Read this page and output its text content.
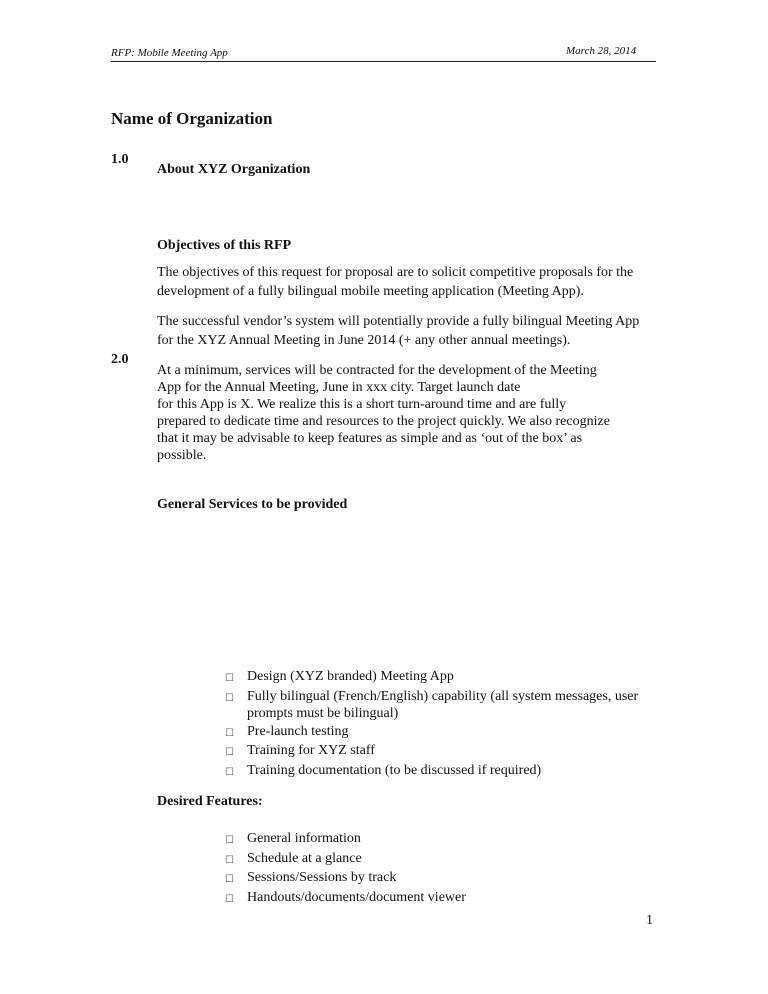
RFP: Mobile Meeting App	March 28, 2014
Name of Organization
1.0
About XYZ Organization
Objectives of this RFP
The objectives of this request for proposal are to solicit competitive proposals for the development of a fully bilingual mobile meeting application (Meeting App).
The successful vendor’s system will potentially provide a fully bilingual Meeting App for the XYZ Annual Meeting in June 2014 (+ any other annual meetings).
2.0
At a minimum, services will be contracted for the development of the Meeting
App for the Annual Meeting, June in xxx city. Target launch date
for this App is X. We realize this is a short turn-around time and are fully
prepared to dedicate time and resources to the project quickly. We also recognize
that it may be advisable to keep features as simple and as ‘out of the box’ as
possible.
General Services to be provided
☐ Design (XYZ branded) Meeting App
☐ Fully bilingual (French/English) capability (all system messages, user prompts must be bilingual)
☐ Pre-launch testing
☐ Training for XYZ staff
☐ Training documentation (to be discussed if required)
Desired Features:
☐ General information
☐ Schedule at a glance
☐ Sessions/Sessions by track
☐ Handouts/documents/document viewer
1
